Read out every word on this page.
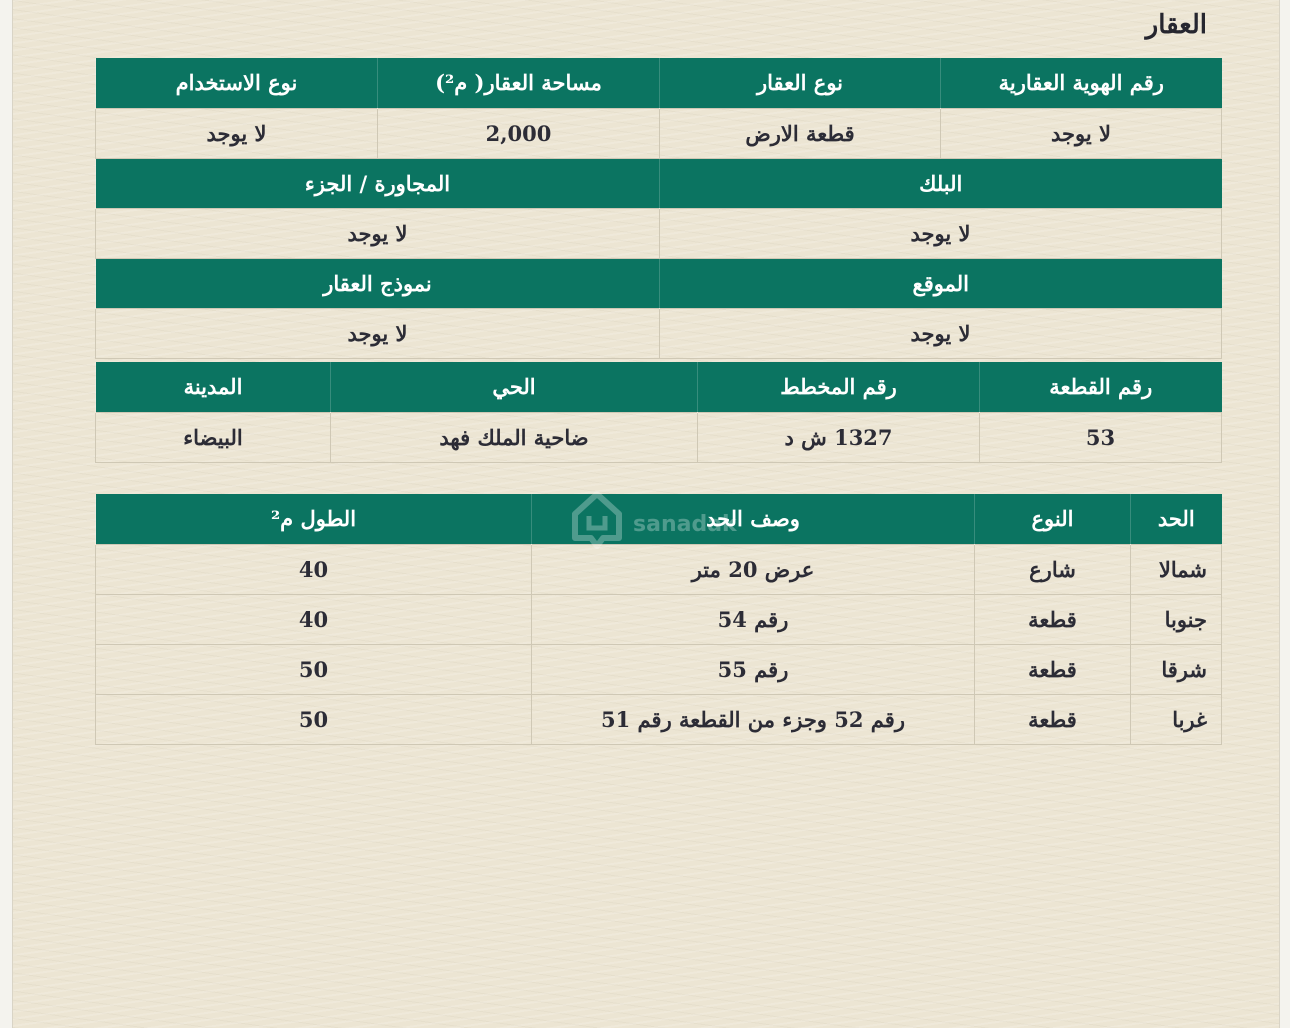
العقار
رقم الهوية العقارية	نوع العقار	مساحة العقار( م²)	نوع الاستخدام
لا يوجد	قطعة الارض	2,000	لا يوجد
البلك		المجاورة / الجزء	
لا يوجد		لا يوجد	
الموقع		نموذج العقار	
لا يوجد		لا يوجد	
رقم القطعة	رقم المخطط	الحي	المدينة
53	1327 ش د	ضاحية الملك فهد	البيضاء
الحد	النوع	وصف الحد	الطول م²
شمالا	شارع	عرض 20 متر	40
جنوبا	قطعة	رقم 54	40
شرقا	قطعة	رقم 55	50
غربا	قطعة	رقم 52 وجزء من القطعة رقم 51	50
sanadak
